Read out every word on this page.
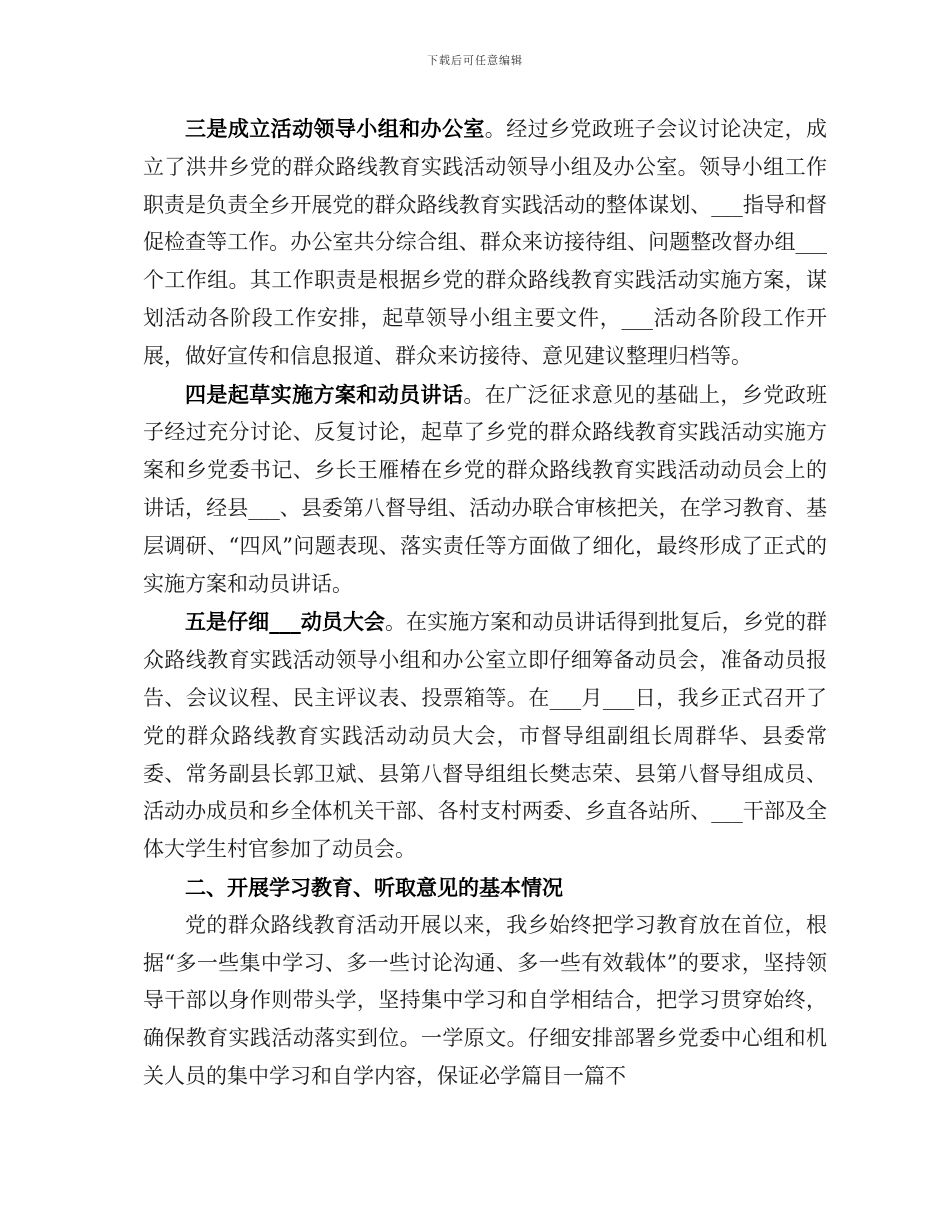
下载后可任意编辑

三是成立活动领导小组和办公室。经过乡党政班子会议讨论决定，成立了洪井乡党的群众路线教育实践活动领导小组及办公室。领导小组工作职责是负责全乡开展党的群众路线教育实践活动的整体谋划、___指导和督促检查等工作。办公室共分综合组、群众来访接待组、问题整改督办组___个工作组。其工作职责是根据乡党的群众路线教育实践活动实施方案，谋划活动各阶段工作安排，起草领导小组主要文件，___活动各阶段工作开展，做好宣传和信息报道、群众来访接待、意见建议整理归档等。

四是起草实施方案和动员讲话。在广泛征求意见的基础上，乡党政班子经过充分讨论、反复讨论，起草了乡党的群众路线教育实践活动实施方案和乡党委书记、乡长王雁椿在乡党的群众路线教育实践活动动员会上的讲话，经县___、县委第八督导组、活动办联合审核把关，在学习教育、基层调研、“四风”问题表现、落实责任等方面做了细化，最终形成了正式的实施方案和动员讲话。

五是仔细___动员大会。在实施方案和动员讲话得到批复后，乡党的群众路线教育实践活动领导小组和办公室立即仔细筹备动员会，准备动员报告、会议议程、民主评议表、投票箱等。在___月___日，我乡正式召开了党的群众路线教育实践活动动员大会，市督导组副组长周群华、县委常委、常务副县长郭卫斌、县第八督导组组长樊志荣、县第八督导组成员、活动办成员和乡全体机关干部、各村支村两委、乡直各站所、___干部及全体大学生村官参加了动员会。

二、开展学习教育、听取意见的基本情况

党的群众路线教育活动开展以来，我乡始终把学习教育放在首位，根据“多一些集中学习、多一些讨论沟通、多一些有效载体”的要求，坚持领导干部以身作则带头学，坚持集中学习和自学相结合，把学习贯穿始终，确保教育实践活动落实到位。一学原文。仔细安排部署乡党委中心组和机关人员的集中学习和自学内容，保证必学篇目一篇不
